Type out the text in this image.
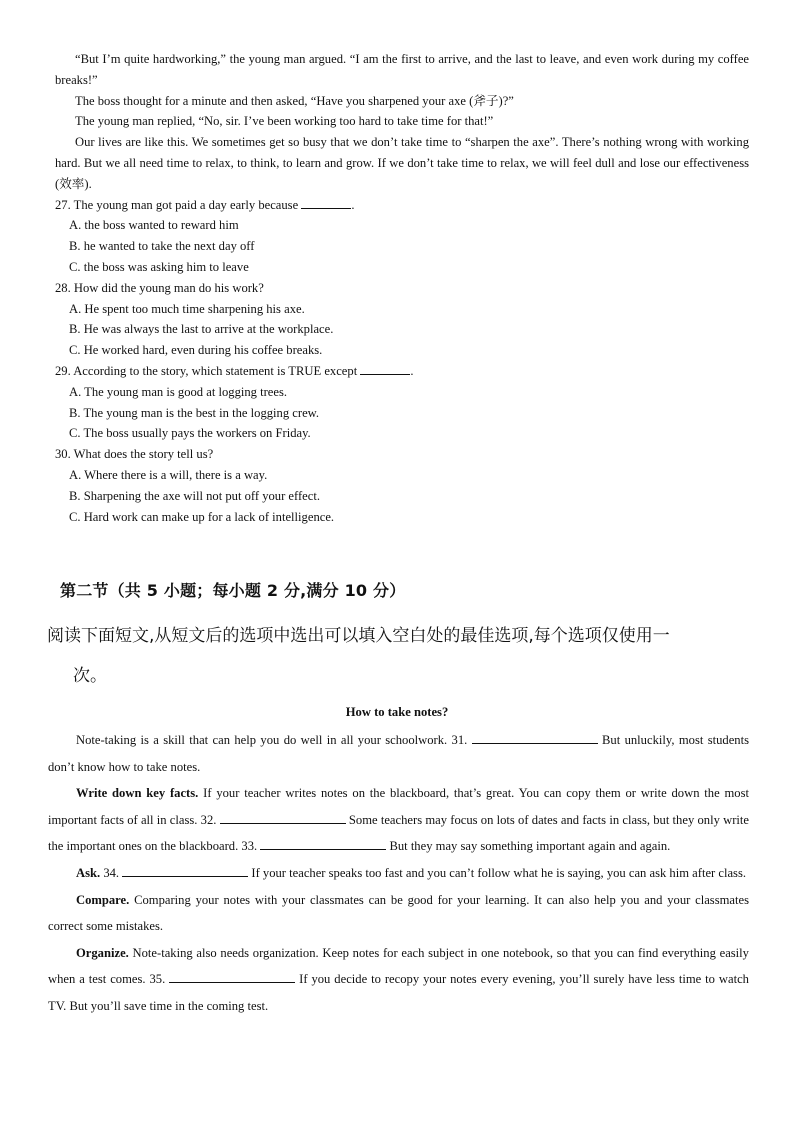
“But I’m quite hardworking,” the young man argued. “I am the first to arrive, and the last to leave, and even work during my coffee breaks!”

The boss thought for a minute and then asked, “Have you sharpened your axe (斧子)?”

The young man replied, “No, sir. I’ve been working too hard to take time for that!”

Our lives are like this. We sometimes get so busy that we don’t take time to “sharpen the axe”. There’s nothing wrong with working hard. But we all need time to relax, to think, to learn and grow. If we don’t take time to relax, we will feel dull and lose our effectiveness (效率).

27. The young man got paid a day early because	.

A. the boss wanted to reward him

B. he wanted to take the next day off

C. the boss was asking him to leave

28. How did the young man do his work?

A. He spent too much time sharpening his axe.

B. He was always the last to arrive at the workplace.

C. He worked hard, even during his coffee breaks.

29. According to the story, which statement is TRUE except	.

A. The young man is good at logging trees.

B. The young man is the best in the logging crew.

C. The boss usually pays the workers on Friday.

30. What does the story tell us?

A. Where there is a will, there is a way.

B. Sharpening the axe will not put off your effect.

C. Hard work can make up for a lack of intelligence.

第二节（共 5 小题；每小题 2 分,满分 10 分）
阅读下面短文,从短文后的选项中选出可以填入空白处的最佳选项,每个选项仅使用一
次。
How to take notes?

Note-taking is a skill that can help you do well in all your schoolwork. 31.	But unluckily, most students don’t know how to take notes.

Write down key facts. If your teacher writes notes on the blackboard, that’s great. You can copy them or write down the most important facts of all in class. 32.	Some teachers may focus on lots of dates and facts in class, but they only write the important ones on the blackboard. 33.	But they may say something important again and again.

Ask. 34.	If your teacher speaks too fast and you can’t follow what he is saying, you can ask him after class.

Compare. Comparing your notes with your classmates can be good for your learning. It can also help you and your classmates correct some mistakes.

Organize. Note-taking also needs organization. Keep notes for each subject in one notebook, so that you can find everything easily when a test comes. 35.	If you decide to recopy your notes every evening, you’ll surely have less time to watch TV. But you’ll save time in the coming test.
